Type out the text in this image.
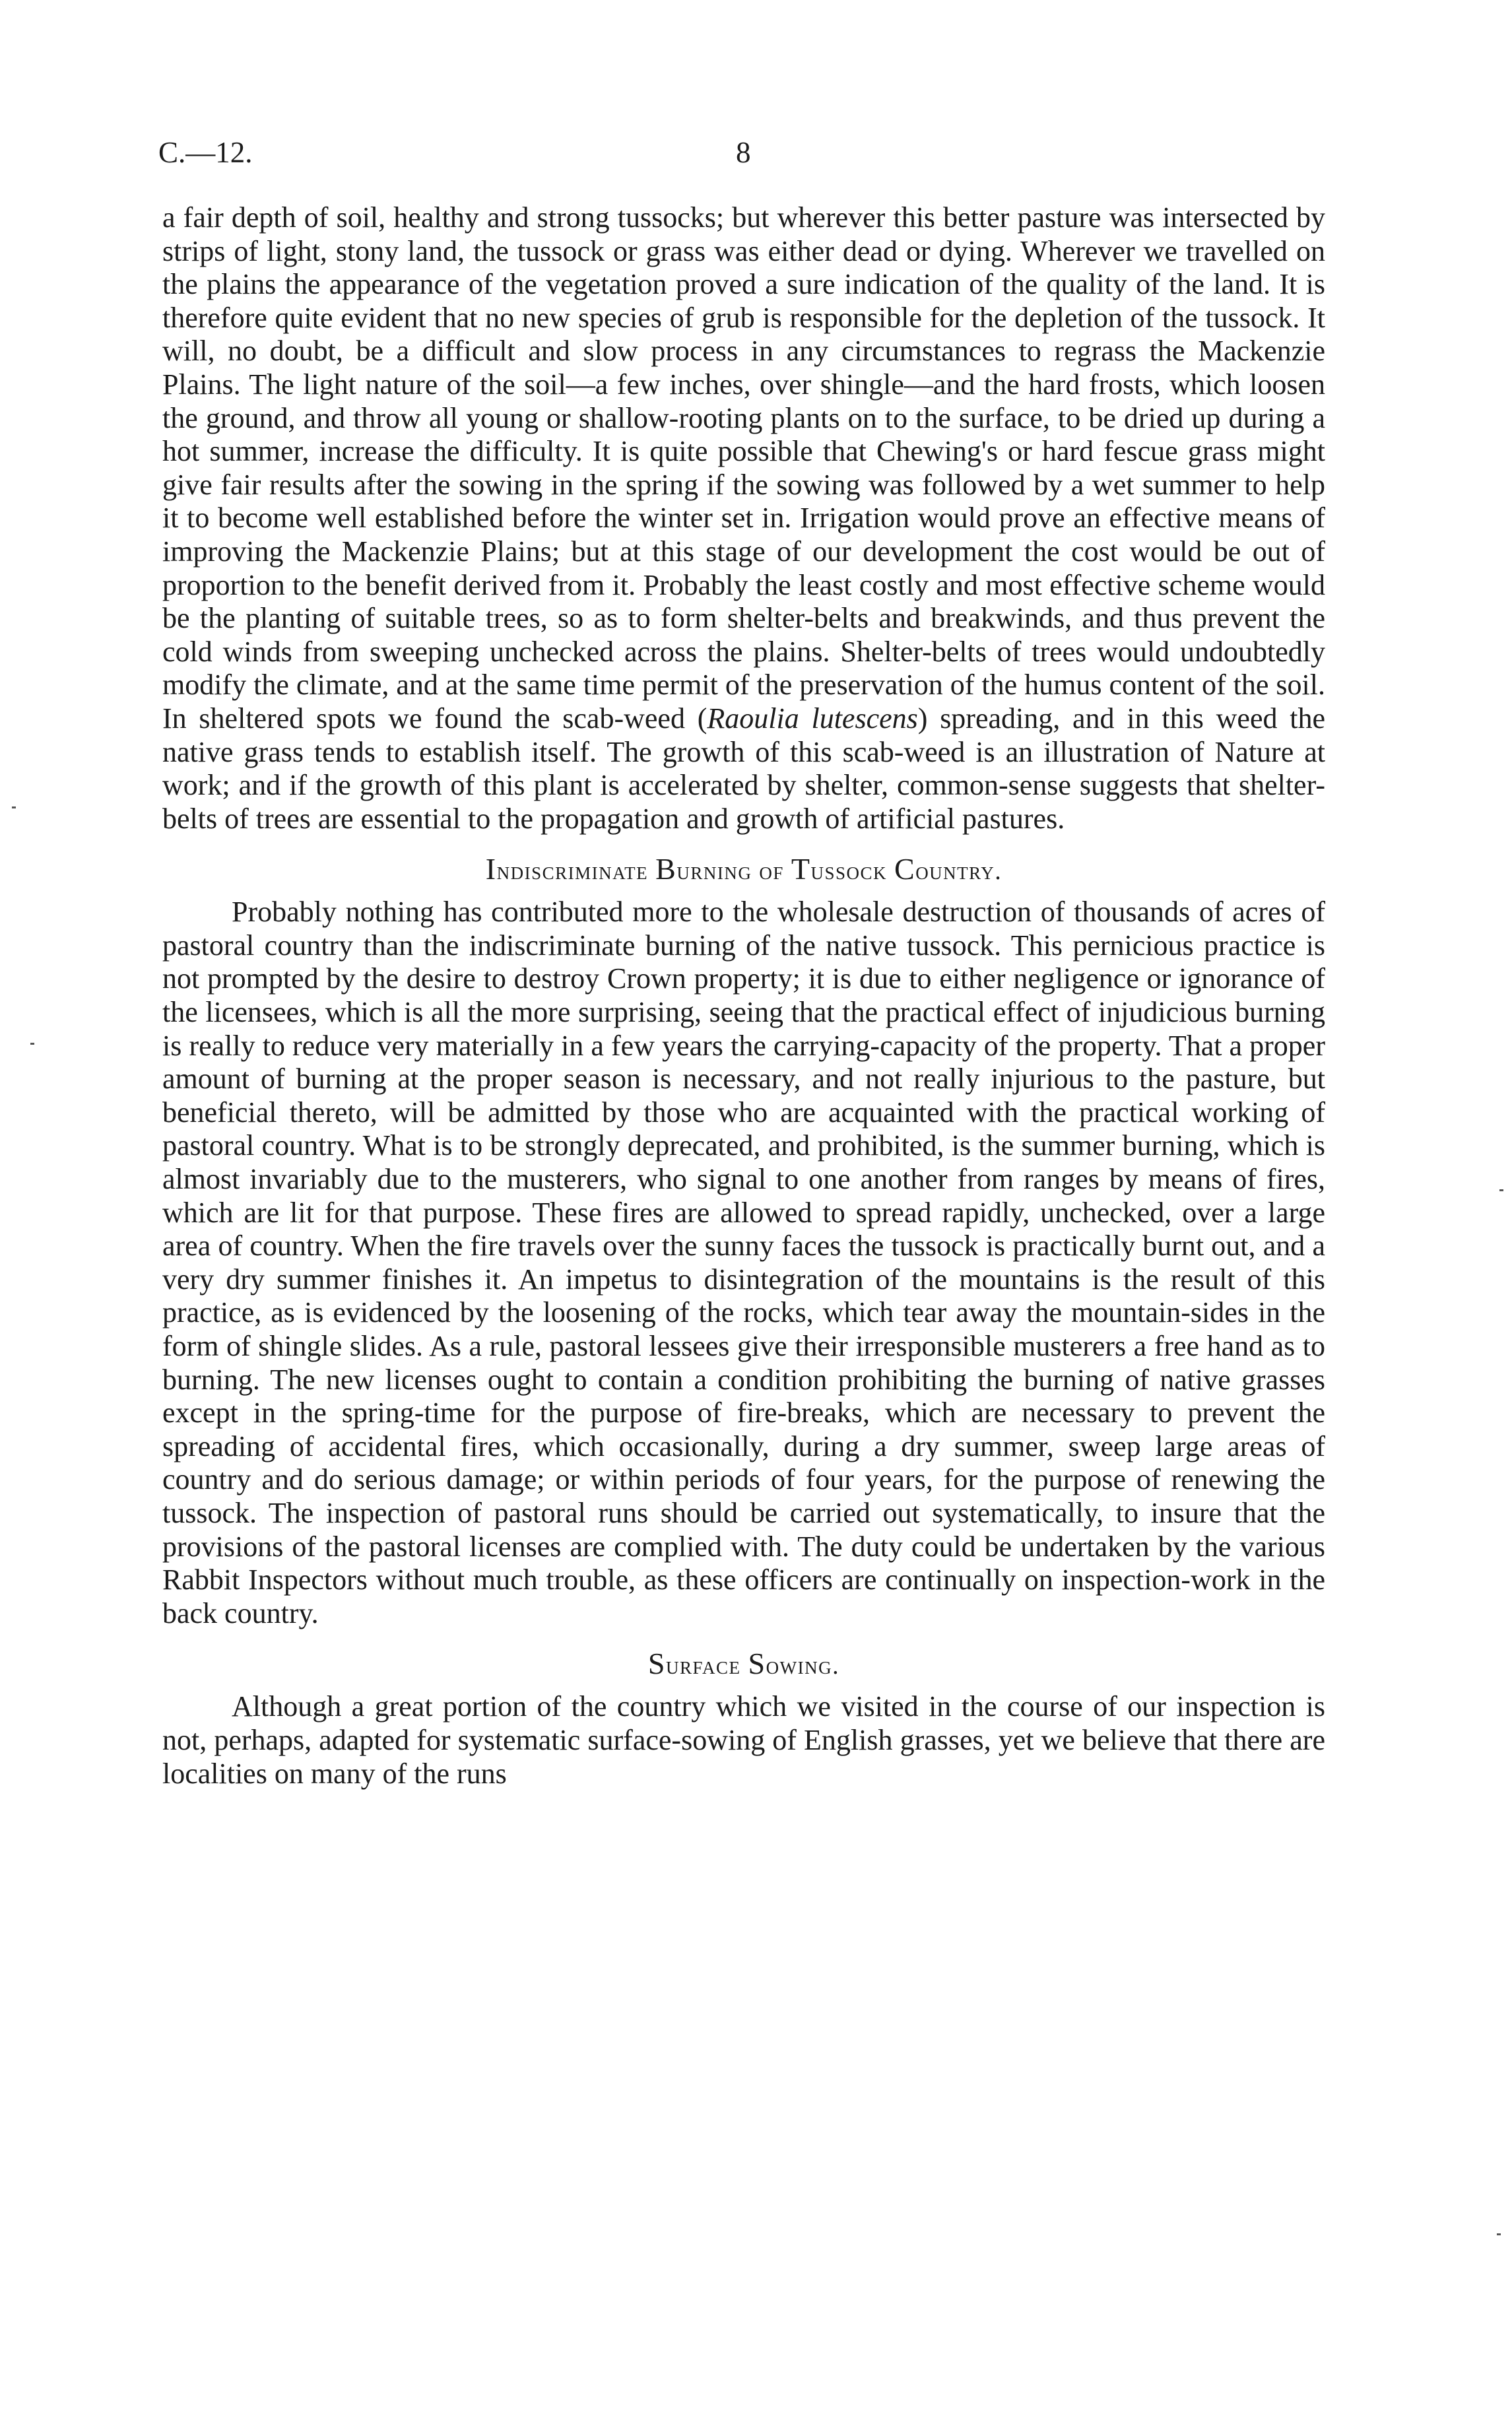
C.—12.	8

a fair depth of soil, healthy and strong tussocks; but wherever this better pasture was intersected by strips of light, stony land, the tussock or grass was either dead or dying. Wherever we travelled on the plains the appearance of the vegetation proved a sure indication of the quality of the land. It is therefore quite evident that no new species of grub is responsible for the depletion of the tussock. It will, no doubt, be a difficult and slow process in any circumstances to regrass the Mackenzie Plains. The light nature of the soil—a few inches, over shingle—and the hard frosts, which loosen the ground, and throw all young or shallow-rooting plants on to the surface, to be dried up during a hot summer, increase the difficulty. It is quite possible that Chewing's or hard fescue grass might give fair results after the sowing in the spring if the sowing was followed by a wet summer to help it to become well established before the winter set in. Irrigation would prove an effective means of improving the Mackenzie Plains; but at this stage of our development the cost would be out of proportion to the benefit derived from it. Probably the least costly and most effective scheme would be the planting of suitable trees, so as to form shelter-belts and breakwinds, and thus prevent the cold winds from sweeping unchecked across the plains. Shelter-belts of trees would undoubtedly modify the climate, and at the same time permit of the preservation of the humus content of the soil. In sheltered spots we found the scab-weed (Raoulia lutescens) spreading, and in this weed the native grass tends to establish itself. The growth of this scab-weed is an illustration of Nature at work; and if the growth of this plant is accelerated by shelter, common-sense suggests that shelter-belts of trees are essential to the propagation and growth of artificial pastures.

Indiscriminate Burning of Tussock Country.

Probably nothing has contributed more to the wholesale destruction of thousands of acres of pastoral country than the indiscriminate burning of the native tussock. This pernicious practice is not prompted by the desire to destroy Crown property; it is due to either negligence or ignorance of the licensees, which is all the more surprising, seeing that the practical effect of injudicious burning is really to reduce very materially in a few years the carrying-capacity of the property. That a proper amount of burning at the proper season is necessary, and not really injurious to the pasture, but beneficial thereto, will be admitted by those who are acquainted with the practical working of pastoral country. What is to be strongly deprecated, and prohibited, is the summer burning, which is almost invariably due to the musterers, who signal to one another from ranges by means of fires, which are lit for that purpose. These fires are allowed to spread rapidly, unchecked, over a large area of country. When the fire travels over the sunny faces the tussock is practically burnt out, and a very dry summer finishes it. An impetus to disintegration of the mountains is the result of this practice, as is evidenced by the loosening of the rocks, which tear away the mountain-sides in the form of shingle slides. As a rule, pastoral lessees give their irresponsible musterers a free hand as to burning. The new licenses ought to contain a condition prohibiting the burning of native grasses except in the spring-time for the purpose of fire-breaks, which are necessary to prevent the spreading of accidental fires, which occasionally, during a dry summer, sweep large areas of country and do serious damage; or within periods of four years, for the purpose of renewing the tussock. The inspection of pastoral runs should be carried out systematically, to insure that the provisions of the pastoral licenses are complied with. The duty could be undertaken by the various Rabbit Inspectors without much trouble, as these officers are continually on inspection-work in the back country.

Surface Sowing.

Although a great portion of the country which we visited in the course of our inspection is not, perhaps, adapted for systematic surface-sowing of English grasses, yet we believe that there are localities on many of the runs
